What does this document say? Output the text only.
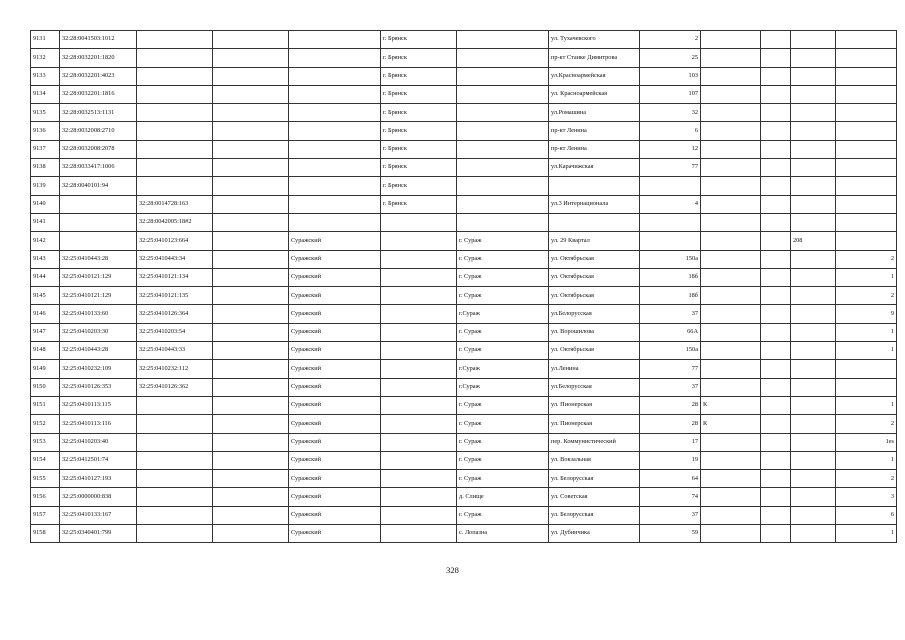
9131	32:28:0041503:1012				г. Брянск		ул. Тухачевского	2				
9132	32:28:0032201:1820				г. Брянск		пр-кт Станке Димитрова	25				
9133	32:28:0032201:4023				г. Брянск		ул.Красноармейская	103				
9134	32:28:0032201:1816				г. Брянск		ул. Красноармейская	107				
9135	32:28:0032513:1131				г. Брянск		ул.Ромашина	32				
9136	32:28:0032008:2710				г. Брянск		пр-кт Ленина	6				
9137	32:28:0032008:2078				г. Брянск		пр-кт Ленина	12				
9138	32:28:0033417:1006				г. Брянск		ул.Карачижская	77				
9139	32:28:0040101:94				г. Брянск							
9140		32:28:0014728:163			г. Брянск		ул.3 Интернационала	4				
9141		32:28:0042005:18#2										
9142		32:25:0410123:664		Суражский		г. Сураж	ул. 29 Квартал				208	
9143	32:25:0410443:28	32:25:0410443:34		Суражский		г. Сураж	ул. Октябрьская	150а				2
9144	32:25:0410121:129	32:25:0410121:134		Суражский		г. Сураж	ул. Октябрьская	18б				1
9145	32:25:0410121:129	32:25:0410121:135		Суражский		г. Сураж	ул. Октябрьская	18б				2
9146	32:25:0410133:60	32:25:0410126:364		Суражский		г.Сураж	ул.Белорусская	37				9
9147	32:25:0410203:30	32:25:0410203:54		Суражский		г. Сураж	ул. Ворошилова	66А				1
9148	32:25:0410443:28	32:25:0410443:33		Суражский		г. Сураж	ул. Октябрьская	150а				1
9149	32:25:0410232:109	32:25:0410232:112		Суражский		г.Сураж	ул.Ленина	77				
9150	32:25:0410126:353	32:25:0410126:362		Суражский		г.Сураж	ул.Белорусская	37				
9151	32:25:0410113:115			Суражский		г. Сураж	ул. Пионерская	28	К			1
9152	32:25:0410113:116			Суражский		г. Сураж	ул. Пионерская	28	К			2
9153	32:25:0410203:40			Суражский		г. Сураж	пер. Коммунистический	17				1es
9154	32:25:0412501:74			Суражский		г. Сураж	ул. Вокзальная	19				1
9155	32:25:0410127:193			Суражский		г. Сураж	ул. Белорусская	64				2
9156	32:25:0000000:838			Суражский		д. Слище	ул. Советская	74				3
9157	32:25:0410133:167			Суражский		г. Сураж	ул. Белорусская	37				6
9158	32:25:0340401:799			Суражский		с. Лопазна	ул. Дубинчика	59				1
328
